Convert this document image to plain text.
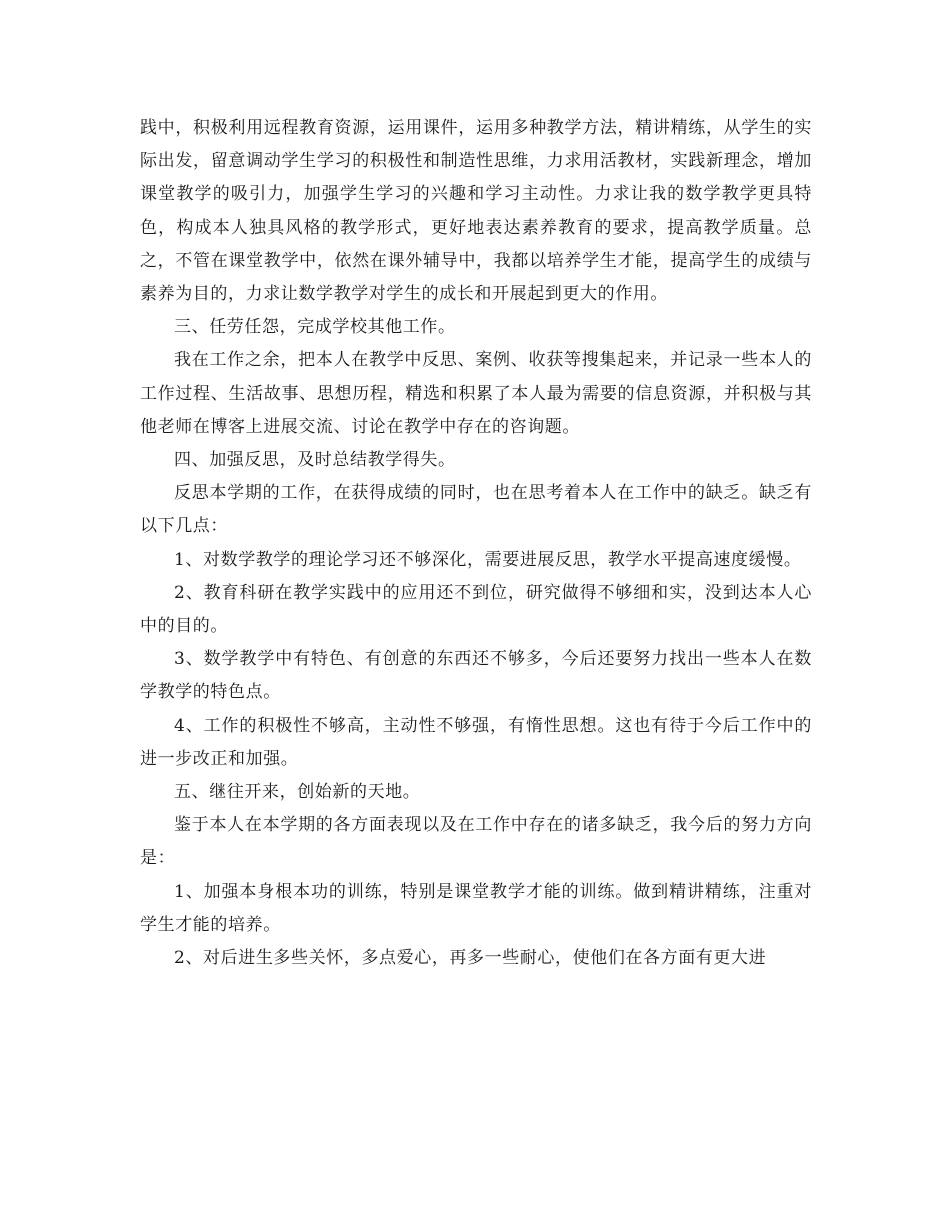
践中，积极利用远程教育资源，运用课件，运用多种教学方法，精讲精练，从学生的实际出发，留意调动学生学习的积极性和制造性思维，力求用活教材，实践新理念，增加课堂教学的吸引力，加强学生学习的兴趣和学习主动性。力求让我的数学教学更具特色，构成本人独具风格的教学形式，更好地表达素养教育的要求，提高教学质量。总之，不管在课堂教学中，依然在课外辅导中，我都以培养学生才能，提高学生的成绩与素养为目的，力求让数学教学对学生的成长和开展起到更大的作用。

三、任劳任怨，完成学校其他工作。

我在工作之余，把本人在教学中反思、案例、收获等搜集起来，并记录一些本人的工作过程、生活故事、思想历程，精选和积累了本人最为需要的信息资源，并积极与其他老师在博客上进展交流、讨论在教学中存在的咨询题。

四、加强反思，及时总结教学得失。

反思本学期的工作，在获得成绩的同时，也在思考着本人在工作中的缺乏。缺乏有以下几点：

1、对数学教学的理论学习还不够深化，需要进展反思，教学水平提高速度缓慢。

2、教育科研在教学实践中的应用还不到位，研究做得不够细和实，没到达本人心中的目的。

3、数学教学中有特色、有创意的东西还不够多，今后还要努力找出一些本人在数学教学的特色点。

4、工作的积极性不够高，主动性不够强，有惰性思想。这也有待于今后工作中的进一步改正和加强。

五、继往开来，创始新的天地。

鉴于本人在本学期的各方面表现以及在工作中存在的诸多缺乏，我今后的努力方向是：

1、加强本身根本功的训练，特别是课堂教学才能的训练。做到精讲精练，注重对学生才能的培养。

2、对后进生多些关怀，多点爱心，再多一些耐心，使他们在各方面有更大进
